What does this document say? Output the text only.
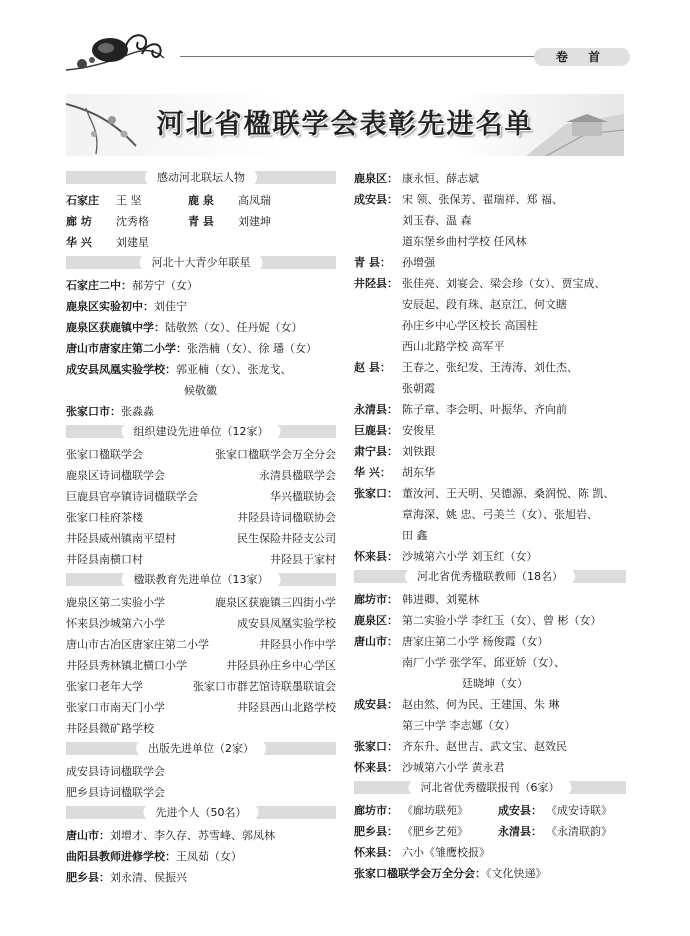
卷 首
河北省楹联学会表彰先进名单
感动河北联坛人物
石家庄 王 坚	鹿 泉 高凤瑞
廊 坊 沈秀格	青 县 刘建坤
华 兴 刘建星
河北十大青少年联星
石家庄二中：郝芳宁（女）
鹿泉区实验初中：刘佳宁
鹿泉区获鹿镇中学：陆敬然（女）、任丹妮（女）
唐山市唐家庄第二小学：张浩楠（女）、徐 璠（女）
成安县凤凰实验学校：郭亚楠（女）、张龙戈、
候敬徽
张家口市：张淼淼
组织建设先进单位（12家）
张家口楹联学会	张家口楹联学会万全分会
鹿泉区诗词楹联学会	永清县楹联学会
巨鹿县官亭镇诗词楹联学会	华兴楹联协会
张家口桂府茶楼	井陉县诗词楹联协会
井陉县威州镇南平望村	民生保险井陉支公司
井陉县南横口村	井陉县于家村
楹联教育先进单位（13家）
鹿泉区第二实验小学	鹿泉区获鹿镇三四街小学
怀来县沙城第六小学	成安县凤凰实验学校
唐山市古冶区唐家庄第二小学	井陉县小作中学
井陉县秀林镇北横口小学	井陉县孙庄乡中心学区
张家口老年大学	张家口市群艺馆诗联墨联谊会
张家口市南天门小学	井陉县西山北路学校
井陉县微矿路学校
出版先进单位（2家）
成安县诗词楹联学会
肥乡县诗词楹联学会
先进个人（50名）
唐山市：刘增才、李久存、苏雪峰、郭凤林
曲阳县教师进修学校：王凤茹（女）
肥乡县：刘永清、侯振兴
鹿泉区： 康永恒、薛志斌
成安县： 宋 领、张保芳、翟瑞祥、郑 福、
刘玉春、温 森
道东堡乡曲村学校 任风林
青 县： 孙增强
井陉县： 张佳亮、刘宴会、梁会珍（女）、贾宝成、
安辰起、段有珠、赵京江、何文瞎
孙庄乡中心学区校长 高国柱
西山北路学校 高军平
赵 县： 王春之、张纪发、王涛涛、刘仕杰、
张朝霞
永清县： 陈子章、李会明、叶振华、齐向前
巨鹿县： 安俊星
肃宁县： 刘铁跟
华 兴： 胡东华
张家口： 董汝河、王天明、吴德源、桑润悦、陈 凯、
章海深、姚 忠、弓美兰（女）、张旭岩、
田 鑫
怀来县： 沙城第六小学 刘玉红（女）
河北省优秀楹联教师（18名）
廊坊市： 韩进卿、刘冕林
鹿泉区： 第二实验小学 李红玉（女）、曾 彬（女）
唐山市： 唐家庄第二小学 杨俊霞（女）
南厂小学 张学军、邱亚娇（女）、
廷晓坤（女）
成安县： 赵由然、何为民、王建国、朱 琳
第三中学 李志娜（女）
张家口： 齐东升、赵世吉、武文宝、赵效民
怀来县： 沙城第六小学 黄永君
河北省优秀楹联报刊（6家）
廊坊市： 《廊坊联苑》	成安县： 《成安诗联》
肥乡县： 《肥乡艺苑》	永清县： 《永清联韵》
怀来县： 六小《雏鹰校报》
张家口楹联学会万全分会：《文化快递》
